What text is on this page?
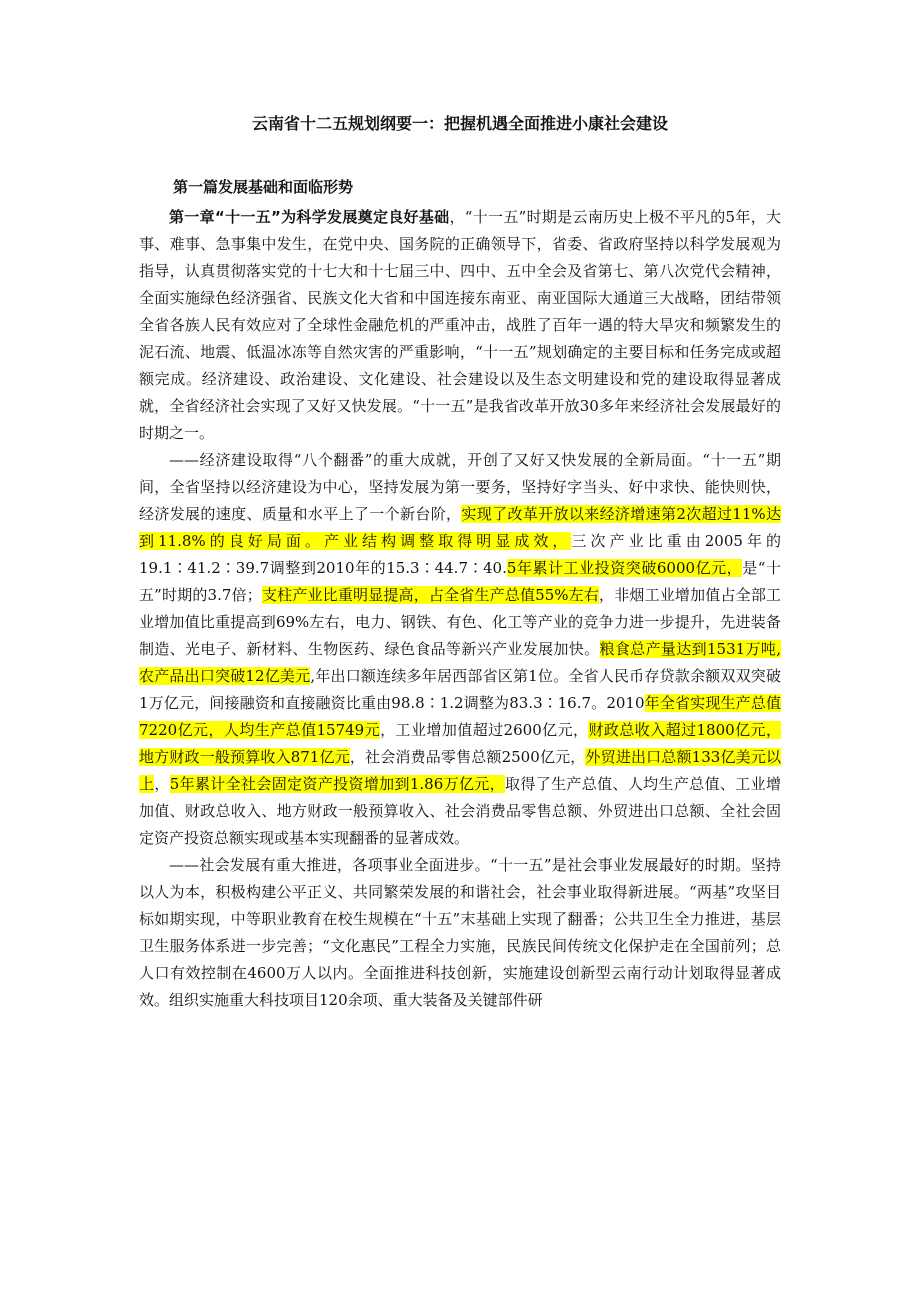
云南省十二五规划纲要一：把握机遇全面推进小康社会建设
第一篇发展基础和面临形势

第一章“十一五”为科学发展奠定良好基础，“十一五”时期是云南历史上极不平凡的5年，大事、难事、急事集中发生，在党中央、国务院的正确领导下，省委、省政府坚持以科学发展观为指导，认真贯彻落实党的十七大和十七届三中、四中、五中全会及省第七、第八次党代会精神，全面实施绿色经济强省、民族文化大省和中国连接东南亚、南亚国际大通道三大战略，团结带领全省各族人民有效应对了全球性金融危机的严重冲击，战胜了百年一遇的特大旱灾和频繁发生的泥石流、地震、低温冰冻等自然灾害的严重影响，“十一五”规划确定的主要目标和任务完成或超额完成。经济建设、政治建设、文化建设、社会建设以及生态文明建设和党的建设取得显著成就，全省经济社会实现了又好又快发展。“十一五”是我省改革开放30多年来经济社会发展最好的时期之一。

——经济建设取得“八个翻番”的重大成就，开创了又好又快发展的全新局面。“十一五”期间，全省坚持以经济建设为中心，坚持发展为第一要务，坚持好字当头、好中求快、能快则快，经济发展的速度、质量和水平上了一个新台阶，实现了改革开放以来经济增速第2次超过11%达到11.8%的良好局面。产业结构调整取得明显成效，三次产业比重由2005年的19.1∶41.2∶39.7调整到2010年的15.3∶44.7∶40.5年累计工业投资突破6000亿元，是“十五”时期的3.7倍；支柱产业比重明显提高，占全省生产总值55%左右，非烟工业增加值占全部工业增加值比重提高到69%左右，电力、钢铁、有色、化工等产业的竞争力进一步提升，先进装备制造、光电子、新材料、生物医药、绿色食品等新兴产业发展加快。粮食总产量达到1531万吨,农产品出口突破12亿美元,年出口额连续多年居西部省区第1位。全省人民币存贷款余额双双突破1万亿元，间接融资和直接融资比重由98.8∶1.2调整为83.3∶16.7。2010年全省实现生产总值7220亿元，人均生产总值15749元，工业增加值超过2600亿元，财政总收入超过1800亿元，地方财政一般预算收入871亿元，社会消费品零售总额2500亿元，外贸进出口总额133亿美元以上，5年累计全社会固定资产投资增加到1.86万亿元，取得了生产总值、人均生产总值、工业增加值、财政总收入、地方财政一般预算收入、社会消费品零售总额、外贸进出口总额、全社会固定资产投资总额实现或基本实现翻番的显著成效。

——社会发展有重大推进，各项事业全面进步。“十一五”是社会事业发展最好的时期。坚持以人为本，积极构建公平正义、共同繁荣发展的和谐社会，社会事业取得新进展。“两基”攻坚目标如期实现，中等职业教育在校生规模在“十五”末基础上实现了翻番；公共卫生全力推进，基层卫生服务体系进一步完善；“文化惠民”工程全力实施，民族民间传统文化保护走在全国前列；总人口有效控制在4600万人以内。全面推进科技创新，实施建设创新型云南行动计划取得显著成效。组织实施重大科技项目120余项、重大装备及关键部件研
